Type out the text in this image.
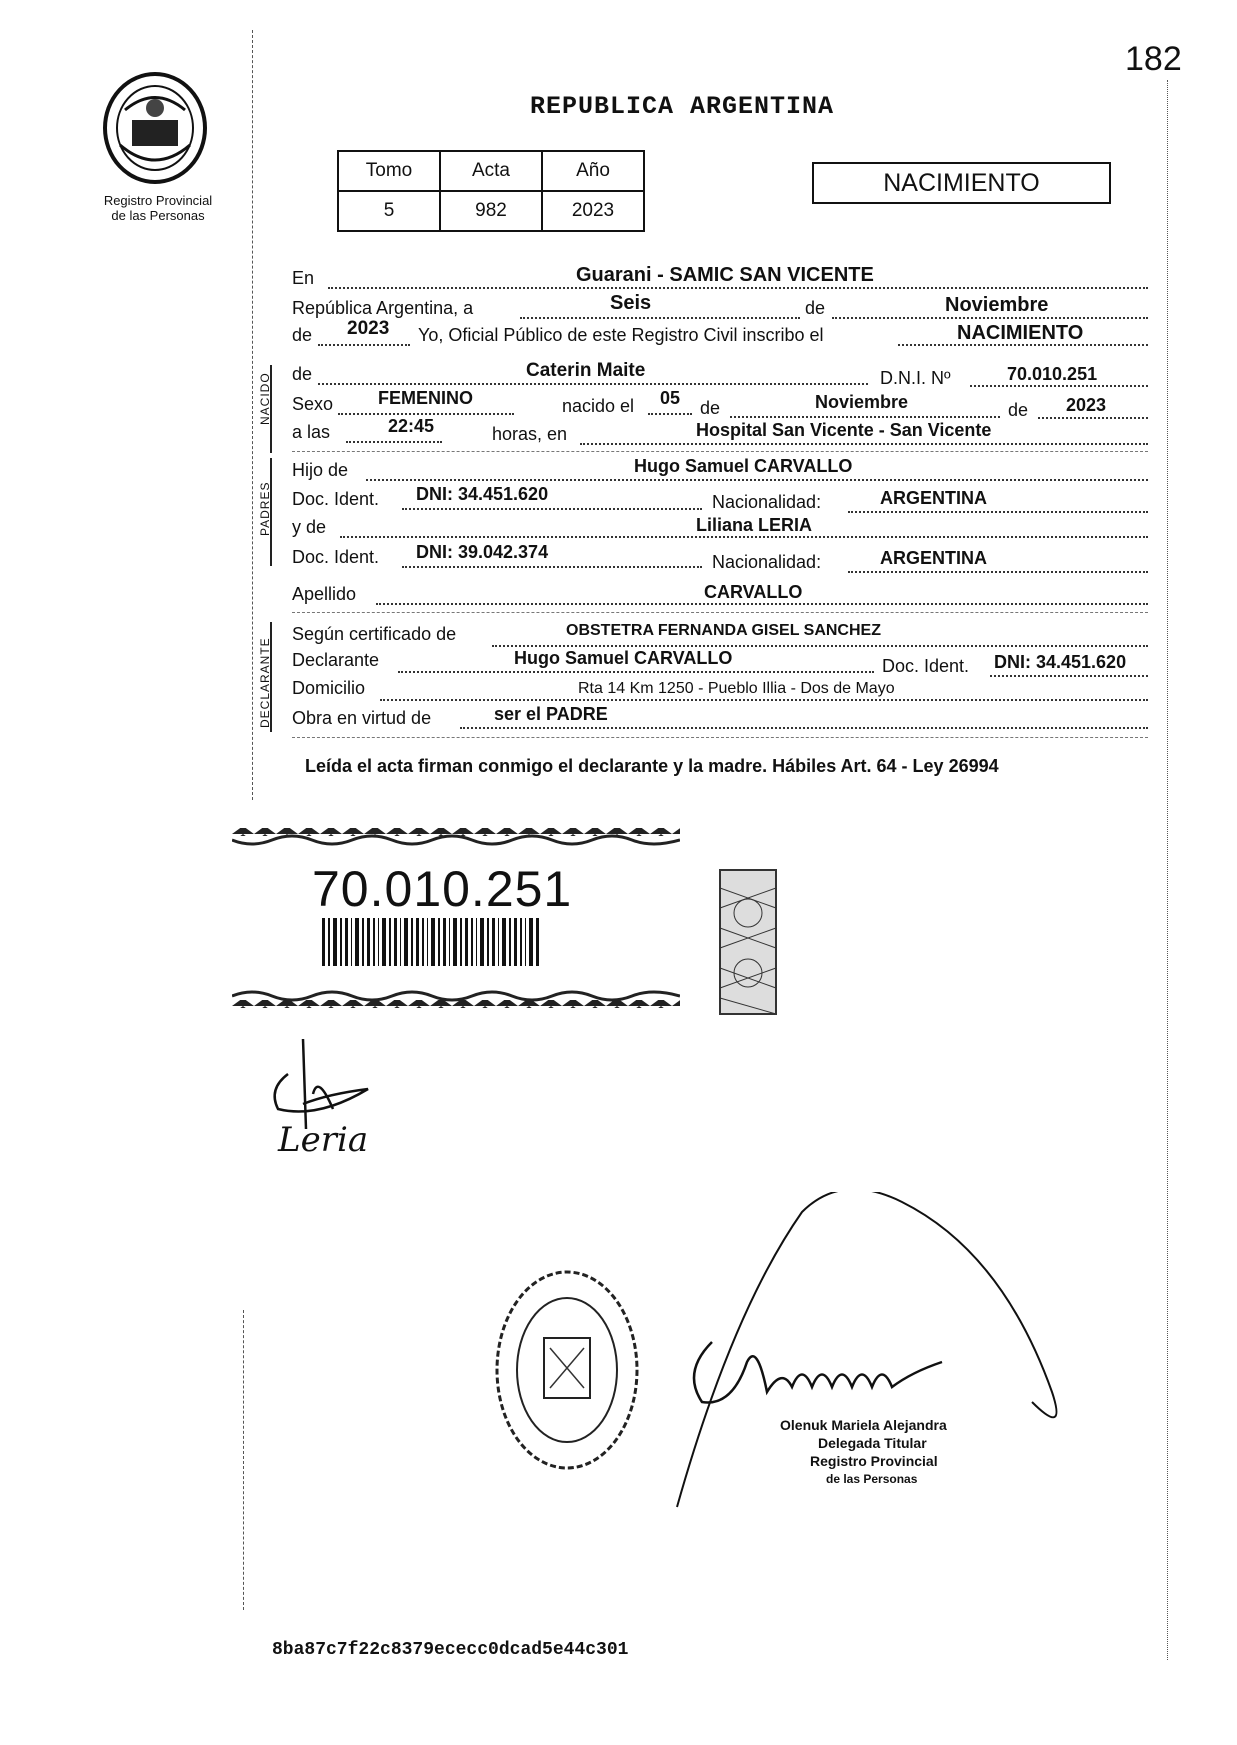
182
Registro Provincial
de las Personas
REPUBLICA ARGENTINA
Tomo	Acta	Año
5	982	2023
NACIMIENTO
NACIDO
PADRES
DECLARANTE
En	Guarani - SAMIC SAN VICENTE
República Argentina, a	Seis	de	Noviembre
de 2023 Yo, Oficial Público de este Registro Civil inscribo el	NACIMIENTO
de	Caterin Maite	D.N.I. Nº	70.010.251
Sexo FEMENINO	nacido el 05 de	Noviembre	de 2023
a las	22:45	horas, en	Hospital San Vicente - San Vicente
Hijo de	Hugo Samuel CARVALLO
Doc. Ident. DNI: 34.451.620	Nacionalidad:	ARGENTINA
y de	Liliana LERIA
Doc. Ident. DNI: 39.042.374	Nacionalidad:	ARGENTINA
Apellido	CARVALLO
Según certificado de	OBSTETRA FERNANDA GISEL SANCHEZ
Declarante	Hugo Samuel CARVALLO	Doc. Ident. DNI: 34.451.620
Domicilio	Rta 14 Km 1250 - Pueblo Illia - Dos de Mayo
Obra en virtud de	ser el PADRE
Leída el acta firman conmigo el declarante y la madre. Hábiles Art. 64 - Ley 26994
70.010.251
Leria
Olenuk Mariela Alejandra
Delegada Titular
Registro Provincial
de las Personas
8ba87c7f22c8379ececc0dcad5e44c301
